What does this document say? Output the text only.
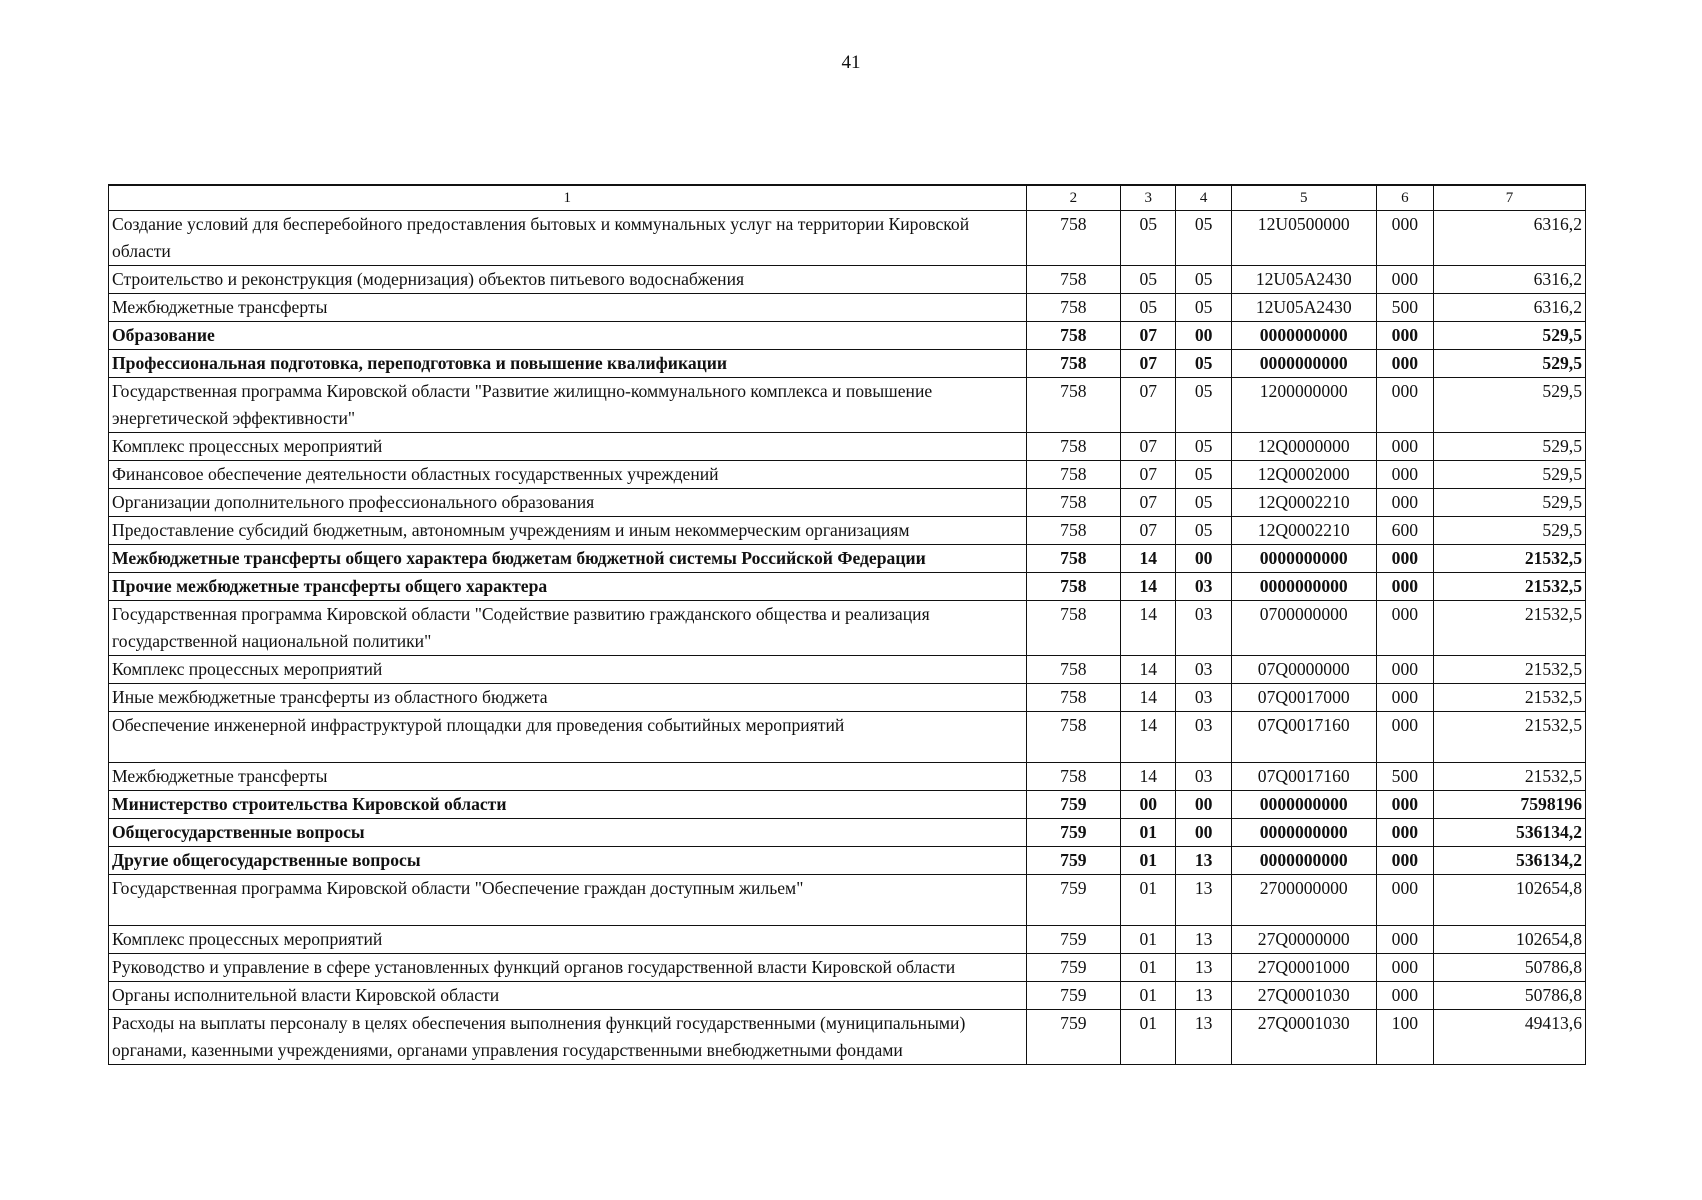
41
1	2	3	4	5	6	7
Создание условий для бесперебойного предоставления бытовых и коммунальных услуг на территории Кировской области	758	05	05	12U0500000	000	6316,2
Строительство и реконструкция (модернизация) объектов питьевого водоснабжения	758	05	05	12U05A2430	000	6316,2
Межбюджетные трансферты	758	05	05	12U05A2430	500	6316,2
Образование	758	07	00	0000000000	000	529,5
Профессиональная подготовка, переподготовка и повышение квалификации	758	07	05	0000000000	000	529,5
Государственная программа Кировской области "Развитие жилищно-коммунального комплекса и повышение энергетической эффективности"	758	07	05	1200000000	000	529,5
Комплекс процессных мероприятий	758	07	05	12Q0000000	000	529,5
Финансовое обеспечение деятельности областных государственных учреждений	758	07	05	12Q0002000	000	529,5
Организации дополнительного профессионального образования	758	07	05	12Q0002210	000	529,5
Предоставление субсидий бюджетным, автономным учреждениям и иным некоммерческим организациям	758	07	05	12Q0002210	600	529,5
Межбюджетные трансферты общего характера бюджетам бюджетной системы Российской Федерации	758	14	00	0000000000	000	21532,5
Прочие межбюджетные трансферты общего характера	758	14	03	0000000000	000	21532,5
Государственная программа Кировской области "Содействие развитию гражданского общества и реализация государственной национальной политики"	758	14	03	0700000000	000	21532,5
Комплекс процессных мероприятий	758	14	03	07Q0000000	000	21532,5
Иные межбюджетные трансферты из областного бюджета	758	14	03	07Q0017000	000	21532,5
Обеспечение инженерной инфраструктурой площадки для проведения событийных мероприятий	758	14	03	07Q0017160	000	21532,5
Межбюджетные трансферты	758	14	03	07Q0017160	500	21532,5
Министерство строительства Кировской области	759	00	00	0000000000	000	7598196
Общегосударственные вопросы	759	01	00	0000000000	000	536134,2
Другие общегосударственные вопросы	759	01	13	0000000000	000	536134,2
Государственная программа Кировской области "Обеспечение граждан доступным жильем"	759	01	13	2700000000	000	102654,8
Комплекс процессных мероприятий	759	01	13	27Q0000000	000	102654,8
Руководство и управление в сфере установленных функций органов государственной власти Кировской области	759	01	13	27Q0001000	000	50786,8
Органы исполнительной власти Кировской области	759	01	13	27Q0001030	000	50786,8
Расходы на выплаты персоналу в целях обеспечения выполнения функций государственными (муниципальными) органами, казенными учреждениями, органами управления государственными внебюджетными фондами	759	01	13	27Q0001030	100	49413,6
